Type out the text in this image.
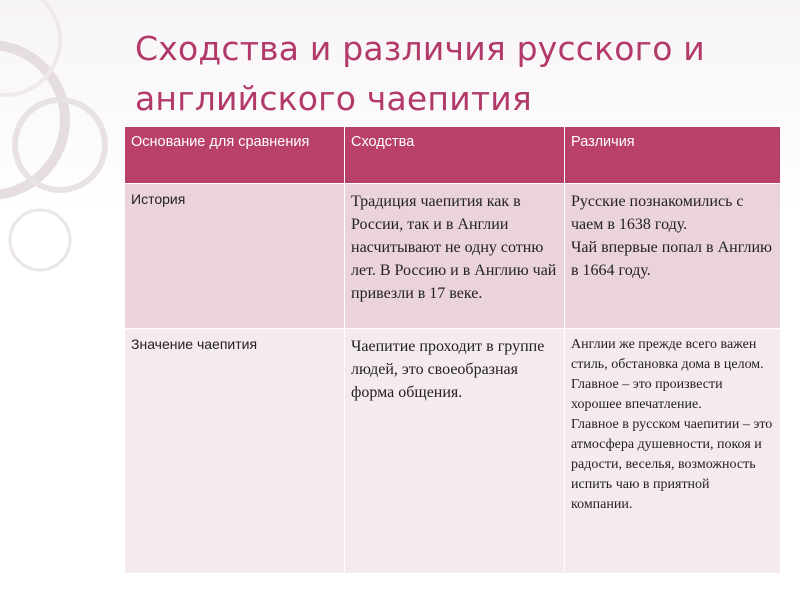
Сходства и различия русского и английского чаепития
Основание для сравнения	Сходства	Различия
История	Традиция чаепития как в России, так и в Англии насчитывают не одну сотню лет. В Россию и в Англию чай привезли в 17 веке.	Русские познакомились с чаем в 1638 году.
Чай впервые попал в Англию в 1664 году.

Значение чаепития	Чаепитие проходит в группе людей, это своеобразная форма общения.	Англии же прежде всего важен стиль, обстановка дома в целом. Главное – это произвести хорошее впечатление.
Главное в русском чаепитии – это атмосфера душевности, покоя и радости, веселья, возможность испить чаю в приятной компании.
